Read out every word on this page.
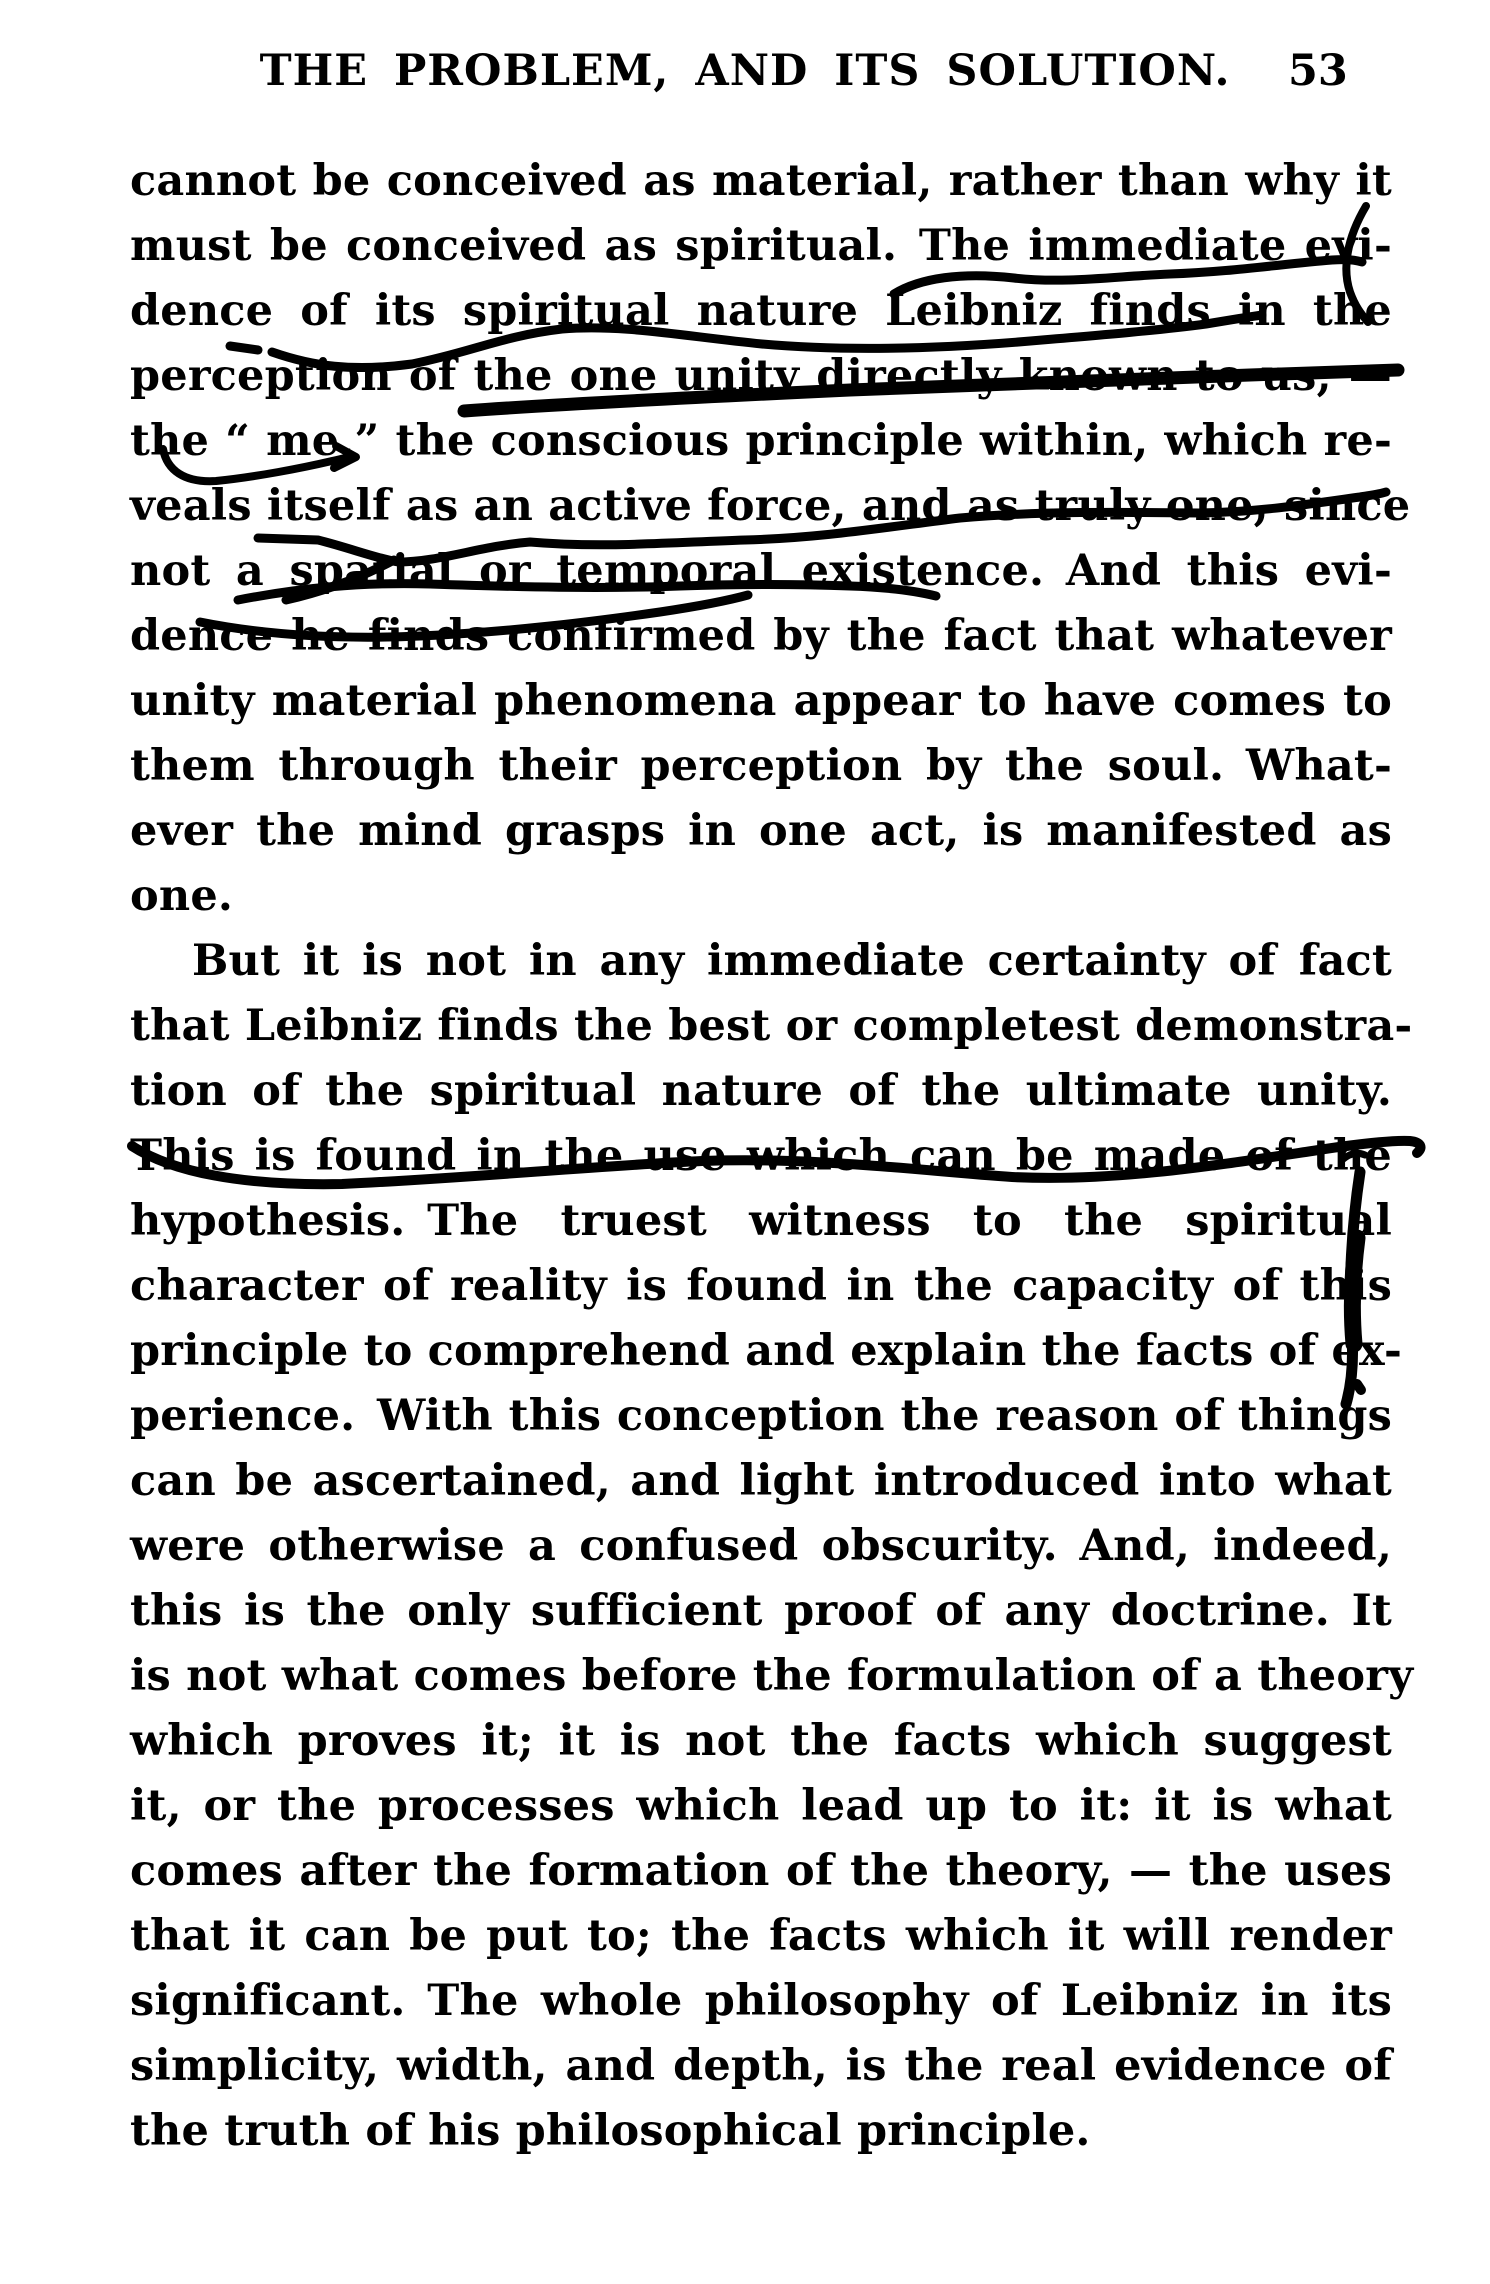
THE PROBLEM, AND ITS SOLUTION.	53
cannot be conceived as material, rather than why it
must be conceived as spiritual. The immediate evi-
dence of its spiritual nature Leibniz finds in the
perception of the one unity directly known to us, —
the “ me,” the conscious principle within, which re-
veals itself as an active force, and as truly one, since
not a spatial or temporal existence. And this evi-
dence he finds confirmed by the fact that whatever
unity material phenomena appear to have comes to
them through their perception by the soul. What-
ever the mind grasps in one act, is manifested as
one.
But it is not in any immediate certainty of fact
that Leibniz finds the best or completest demonstra-
tion of the spiritual nature of the ultimate unity.
This is found in the use which can be made of the
hypothesis. The truest witness to the spiritual
character of reality is found in the capacity of this
principle to comprehend and explain the facts of ex-
perience. With this conception the reason of things
can be ascertained, and light introduced into what
were otherwise a confused obscurity. And, indeed,
this is the only sufficient proof of any doctrine. It
is not what comes before the formulation of a theory
which proves it; it is not the facts which suggest
it, or the processes which lead up to it: it is what
comes after the formation of the theory, — the uses
that it can be put to; the facts which it will render
significant. The whole philosophy of Leibniz in its
simplicity, width, and depth, is the real evidence of
the truth of his philosophical principle.
